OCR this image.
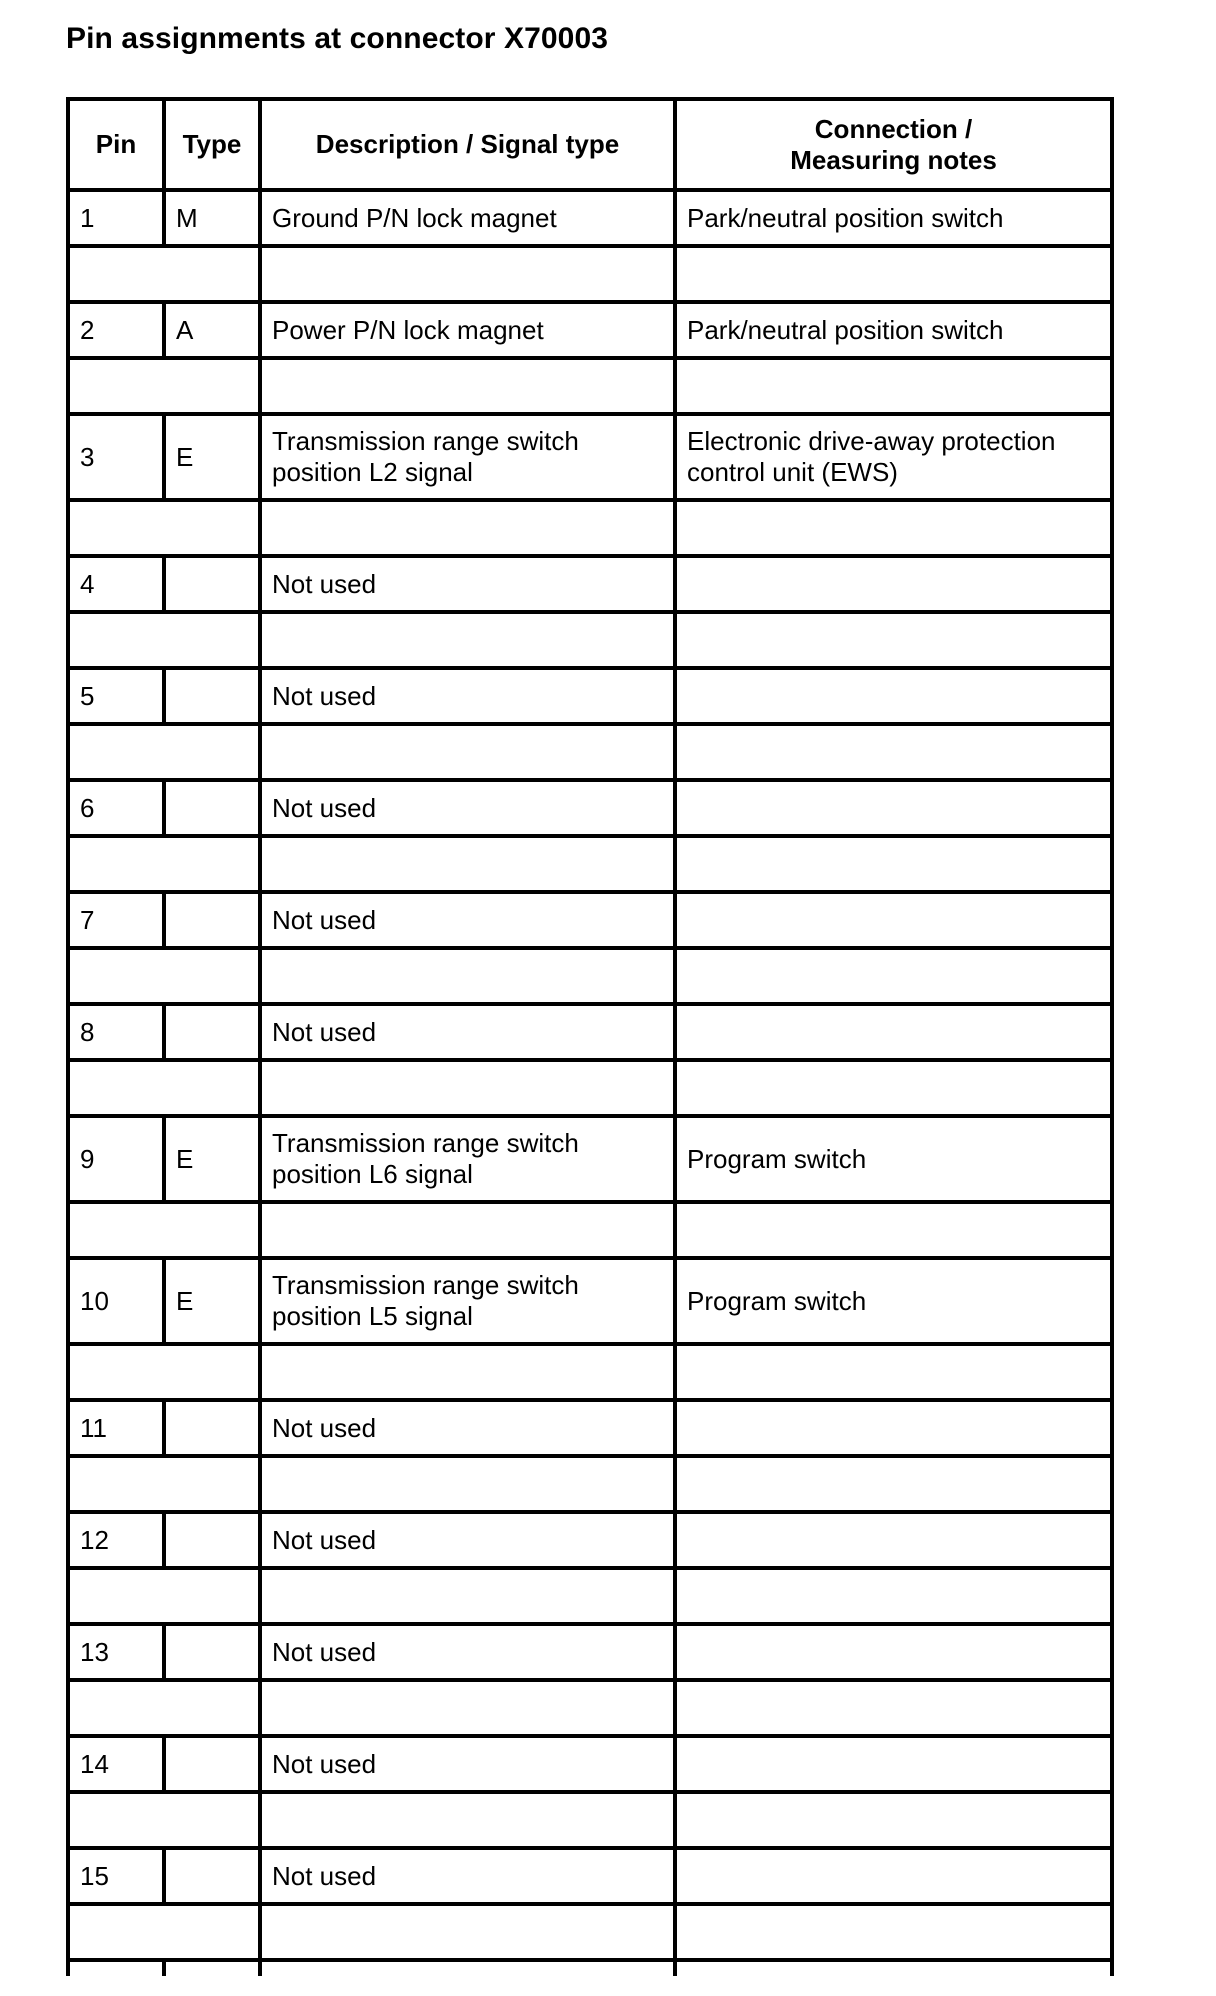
Pin assignments at connector X70003
Pin	Type	Description / Signal type	Connection /
Measuring notes
1	M	Ground P/N lock magnet	Park/neutral position switch

2	A	Power P/N lock magnet	Park/neutral position switch

3	E	Transmission range switch position L2 signal	Electronic drive-away protection control unit (EWS)

4		Not used	

5		Not used	

6		Not used	

7		Not used	

8		Not used	

9	E	Transmission range switch position L6 signal	Program switch

10	E	Transmission range switch position L5 signal	Program switch

11		Not used	

12		Not used	

13		Not used	

14		Not used	

15		Not used	
